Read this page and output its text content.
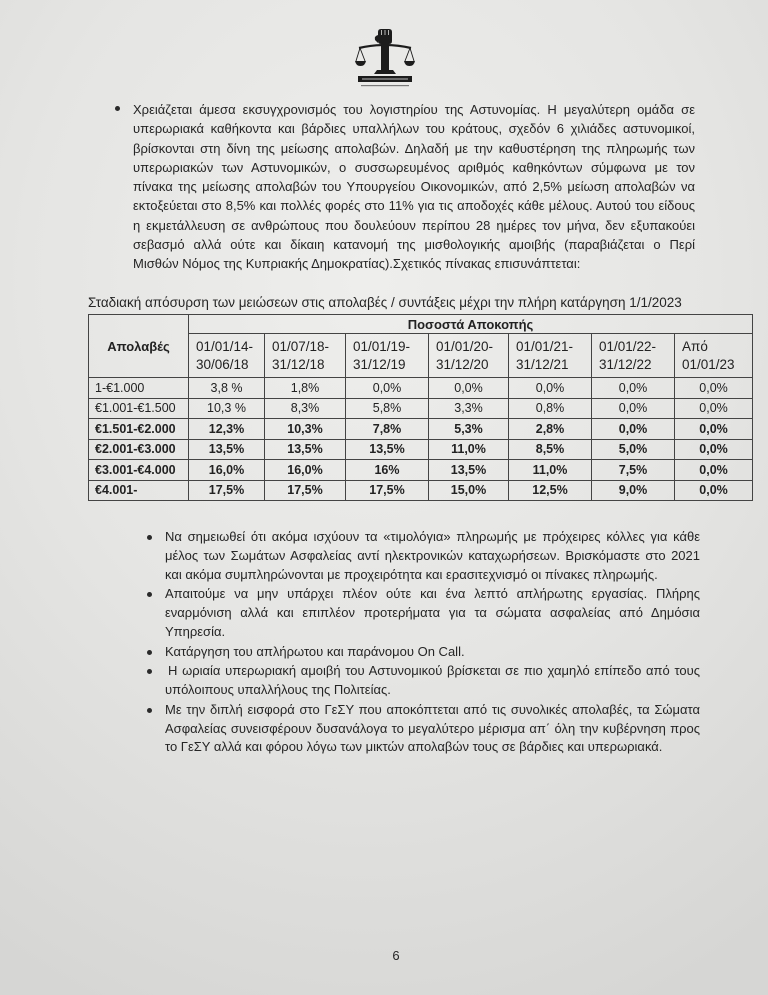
Χρειάζεται άμεσα εκσυγχρονισμός του λογιστηρίου της Αστυνομίας. Η μεγαλύτερη ομάδα σε
υπερωριακά καθήκοντα και βάρδιες υπαλλήλων του κράτους, σχεδόν 6 χιλιάδες αστυνομικοί,
βρίσκονται στη δίνη της μείωσης απολαβών. Δηλαδή με την καθυστέρηση της πληρωμής των
υπερωριακών των Αστυνομικών, ο συσσωρευμένος αριθμός καθηκόντων σύμφωνα με τον
πίνακα της μείωσης απολαβών του Υπουργείου Οικονομικών, από 2,5% μείωση απολαβών να
εκτοξεύεται στο 8,5% και πολλές φορές στο 11% για τις αποδοχές κάθε μέλους. Αυτού του είδους
η εκμετάλλευση σε ανθρώπους που δουλεύουν περίπου 28 ημέρες τον μήνα, δεν εξυπακούει
σεβασμό αλλά ούτε και δίκαιη κατανομή της μισθολογικής αμοιβής (παραβιάζεται ο Περί
Μισθών Νόμος της Κυπριακής Δημοκρατίας).Σχετικός πίνακας επισυνάπτεται:
Σταδιακή απόσυρση των μειώσεων στις απολαβές / συντάξεις μέχρι την πλήρη κατάργηση 1/1/2023
Απολαβές	Ποσοστά Αποκοπής						

	01/01/14-
30/06/18	01/07/18-
31/12/18	01/01/19-
31/12/19	01/01/20-
31/12/20	01/01/21-
31/12/21	01/01/22-
31/12/22	Από
01/01/23

1-€1.000	3,8 %	1,8%	0,0%	0,0%	0,0%	0,0%	0,0%
€1.001-€1.500	10,3 %	8,3%	5,8%	3,3%	0,8%	0,0%	0,0%
€1.501-€2.000	12,3%	10,3%	7,8%	5,3%	2,8%	0,0%	0,0%
€2.001-€3.000	13,5%	13,5%	13,5%	11,0%	8,5%	5,0%	0,0%
€3.001-€4.000	16,0%	16,0%	16%	13,5%	11,0%	7,5%	0,0%
€4.001-	17,5%	17,5%	17,5%	15,0%	12,5%	9,0%	0,0%
Να σημειωθεί ότι ακόμα ισχύουν τα «τιμολόγια» πληρωμής με πρόχειρες κόλλες για κάθε
μέλος των Σωμάτων Ασφαλείας αντί ηλεκτρονικών καταχωρήσεων. Βρισκόμαστε στο 2021
και ακόμα συμπληρώνονται με προχειρότητα και ερασιτεχνισμό οι πίνακες πληρωμής.
Απαιτούμε να μην υπάρχει πλέον ούτε και ένα λεπτό απλήρωτης εργασίας. Πλήρης
εναρμόνιση αλλά και επιπλέον προτερήματα για τα σώματα ασφαλείας από Δημόσια
Υπηρεσία.
Κατάργηση του απλήρωτου και παράνομου On Call.
Η ωριαία υπερωριακή αμοιβή του Αστυνομικού βρίσκεται σε πιο χαμηλό επίπεδο από τους
υπόλοιπους υπαλλήλους της Πολιτείας.
Με την διπλή εισφορά στο ΓεΣΥ που αποκόπτεται από τις συνολικές απολαβές, τα Σώματα
Ασφαλείας συνεισφέρουν δυσανάλογα το μεγαλύτερο μέρισμα απ΄ όλη την κυβέρνηση προς
το ΓεΣΥ αλλά και φόρου λόγω των μικτών απολαβών τους σε βάρδιες και υπερωριακά.
6
